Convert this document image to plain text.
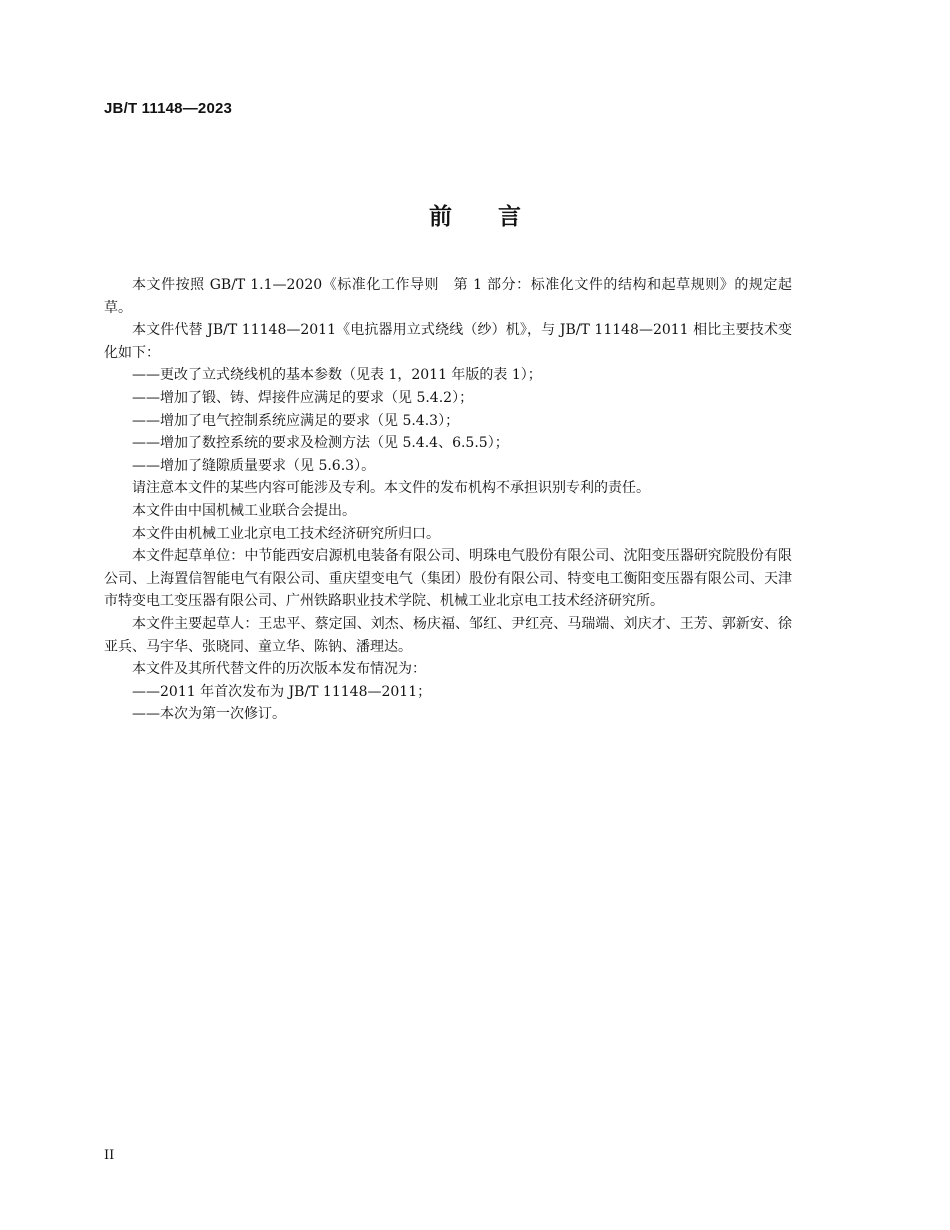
JB/T 11148—2023
前　　言

本文件按照 GB/T 1.1—2020《标准化工作导则　第 1 部分：标准化文件的结构和起草规则》的规定起草。

本文件代替 JB/T 11148—2011《电抗器用立式绕线（纱）机》，与 JB/T 11148—2011 相比主要技术变化如下：

——更改了立式绕线机的基本参数（见表 1，2011 年版的表 1）；

——增加了锻、铸、焊接件应满足的要求（见 5.4.2）；

——增加了电气控制系统应满足的要求（见 5.4.3）；

——增加了数控系统的要求及检测方法（见 5.4.4、6.5.5）；

——增加了缝隙质量要求（见 5.6.3）。

请注意本文件的某些内容可能涉及专利。本文件的发布机构不承担识别专利的责任。

本文件由中国机械工业联合会提出。

本文件由机械工业北京电工技术经济研究所归口。

本文件起草单位：中节能西安启源机电装备有限公司、明珠电气股份有限公司、沈阳变压器研究院股份有限公司、上海置信智能电气有限公司、重庆望变电气（集团）股份有限公司、特变电工衡阳变压器有限公司、天津市特变电工变压器有限公司、广州铁路职业技术学院、机械工业北京电工技术经济研究所。

本文件主要起草人：王忠平、蔡定国、刘杰、杨庆福、邹红、尹红亮、马瑞端、刘庆才、王芳、郭新安、徐亚兵、马宇华、张晓同、童立华、陈钠、潘理达。

本文件及其所代替文件的历次版本发布情况为：

——2011 年首次发布为 JB/T 11148—2011；

——本次为第一次修订。

II
